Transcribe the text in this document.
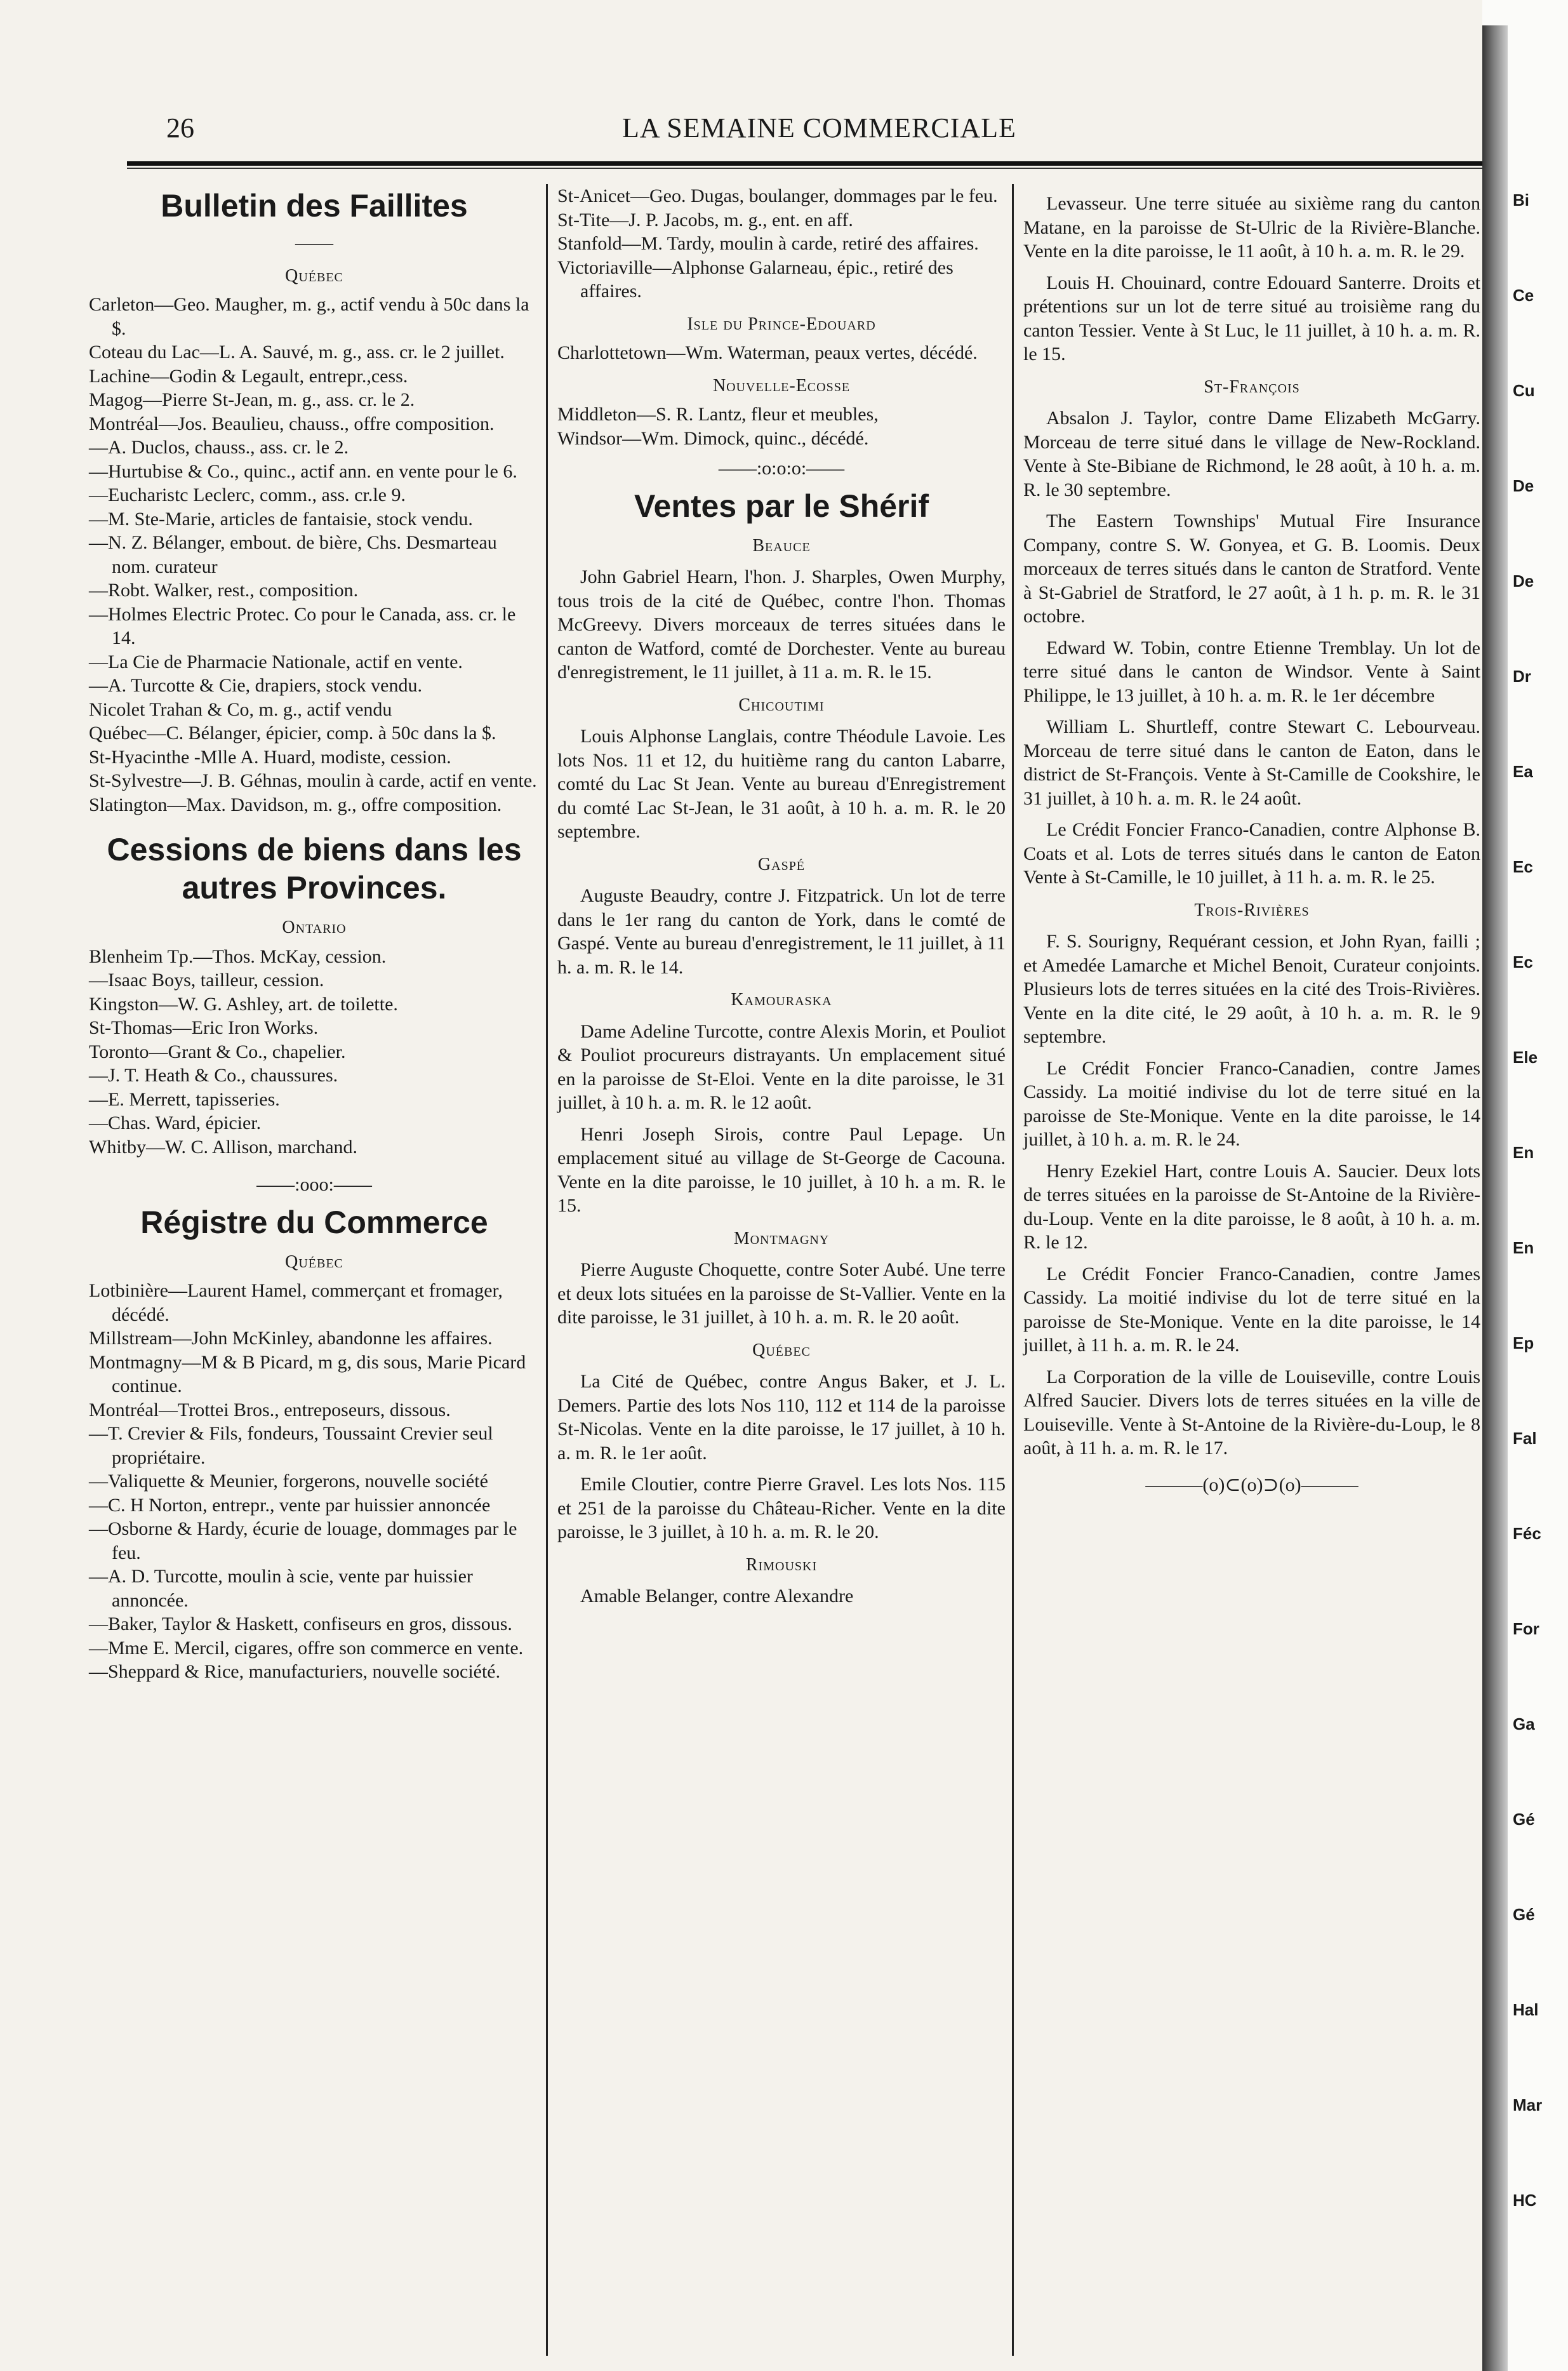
26	LA SEMAINE COMMERCIALE

Bulletin des Faillites

——

Québec

Carleton—Geo. Maugher, m. g., actif vendu à 50c dans la $.

Coteau du Lac—L. A. Sauvé, m. g., ass. cr. le 2 juillet.

Lachine—Godin & Legault, entrepr.,cess.

Magog—Pierre St-Jean, m. g., ass. cr. le 2.

Montréal—Jos. Beaulieu, chauss., offre composition.

—A. Duclos, chauss., ass. cr. le 2.

—Hurtubise & Co., quinc., actif ann. en vente pour le 6.

—Eucharistc Leclerc, comm., ass. cr.le 9.

—M. Ste-Marie, articles de fantaisie, stock vendu.

—N. Z. Bélanger, embout. de bière, Chs. Desmarteau nom. curateur

—Robt. Walker, rest., composition.

—Holmes Electric Protec. Co pour le Canada, ass. cr. le 14.

—La Cie de Pharmacie Nationale, actif en vente.

—A. Turcotte & Cie, drapiers, stock vendu.

Nicolet Trahan & Co, m. g., actif vendu

Québec—C. Bélanger, épicier, comp. à 50c dans la $.

St-Hyacinthe -Mlle A. Huard, modiste, cession.

St-Sylvestre—J. B. Géhnas, moulin à carde, actif en vente.

Slatington—Max. Davidson, m. g., offre composition.

Cessions de biens dans les autres Provinces.

Ontario

Blenheim Tp.—Thos. McKay, cession.

—Isaac Boys, tailleur, cession.

Kingston—W. G. Ashley, art. de toilette.

St-Thomas—Eric Iron Works.

Toronto—Grant & Co., chapelier.

—J. T. Heath & Co., chaussures.

—E. Merrett, tapisseries.

—Chas. Ward, épicier.

Whitby—W. C. Allison, marchand.

——:ooo:——

Régistre du Commerce

Québec

Lotbinière—Laurent Hamel, commerçant et fromager, décédé.

Millstream—John McKinley, abandonne les affaires.

Montmagny—M & B Picard, m g, dis sous, Marie Picard continue.

Montréal—Trottei Bros., entreposeurs, dissous.

—T. Crevier & Fils, fondeurs, Toussaint Crevier seul propriétaire.

—Valiquette & Meunier, forgerons, nouvelle société

—C. H Norton, entrepr., vente par huissier annoncée

—Osborne & Hardy, écurie de louage, dommages par le feu.

—A. D. Turcotte, moulin à scie, vente par huissier annoncée.

—Baker, Taylor & Haskett, confiseurs en gros, dissous.

—Mme E. Mercil, cigares, offre son commerce en vente.

—Sheppard & Rice, manufacturiers, nouvelle société.

St-Anicet—Geo. Dugas, boulanger, dommages par le feu.

St-Tite—J. P. Jacobs, m. g., ent. en aff.

Stanfold—M. Tardy, moulin à carde, retiré des affaires.

Victoriaville—Alphonse Galarneau, épic., retiré des affaires.

Isle du Prince-Edouard

Charlottetown—Wm. Waterman, peaux vertes, décédé.

Nouvelle-Ecosse

Middleton—S. R. Lantz, fleur et meubles,

Windsor—Wm. Dimock, quinc., décédé.

——:o:o:o:——

Ventes par le Shérif

Beauce

John Gabriel Hearn, l'hon. J. Sharples, Owen Murphy, tous trois de la cité de Québec, contre l'hon. Thomas McGreevy. Divers morceaux de terres situées dans le canton de Watford, comté de Dorchester. Vente au bureau d'enregistrement, le 11 juillet, à 11 a. m. R. le 15.

Chicoutimi

Louis Alphonse Langlais, contre Théodule Lavoie. Les lots Nos. 11 et 12, du huitième rang du canton Labarre, comté du Lac St Jean. Vente au bureau d'Enregistrement du comté Lac St-Jean, le 31 août, à 10 h. a. m. R. le 20 septembre.

Gaspé

Auguste Beaudry, contre J. Fitzpatrick. Un lot de terre dans le 1er rang du canton de York, dans le comté de Gaspé. Vente au bureau d'enregistrement, le 11 juillet, à 11 h. a. m. R. le 14.

Kamouraska

Dame Adeline Turcotte, contre Alexis Morin, et Pouliot & Pouliot procureurs distrayants. Un emplacement situé en la paroisse de St-Eloi. Vente en la dite paroisse, le 31 juillet, à 10 h. a. m. R. le 12 août.

Henri Joseph Sirois, contre Paul Lepage. Un emplacement situé au village de St-George de Cacouna. Vente en la dite paroisse, le 10 juillet, à 10 h. a m. R. le 15.

Montmagny

Pierre Auguste Choquette, contre Soter Aubé. Une terre et deux lots situées en la paroisse de St-Vallier. Vente en la dite paroisse, le 31 juillet, à 10 h. a. m. R. le 20 août.

Québec

La Cité de Québec, contre Angus Baker, et J. L. Demers. Partie des lots Nos 110, 112 et 114 de la paroisse St-Nicolas. Vente en la dite paroisse, le 17 juillet, à 10 h. a. m. R. le 1er août.

Emile Cloutier, contre Pierre Gravel. Les lots Nos. 115 et 251 de la paroisse du Château-Richer. Vente en la dite paroisse, le 3 juillet, à 10 h. a. m. R. le 20.

Rimouski

Amable Belanger, contre Alexandre

Levasseur. Une terre située au sixième rang du canton Matane, en la paroisse de St-Ulric de la Rivière-Blanche. Vente en la dite paroisse, le 11 août, à 10 h. a. m. R. le 29.

Louis H. Chouinard, contre Edouard Santerre. Droits et prétentions sur un lot de terre situé au troisième rang du canton Tessier. Vente à St Luc, le 11 juillet, à 10 h. a. m. R. le 15.

St-François

Absalon J. Taylor, contre Dame Elizabeth McGarry. Morceau de terre situé dans le village de New-Rockland. Vente à Ste-Bibiane de Richmond, le 28 août, à 10 h. a. m. R. le 30 septembre.

The Eastern Townships' Mutual Fire Insurance Company, contre S. W. Gonyea, et G. B. Loomis. Deux morceaux de terres situés dans le canton de Stratford. Vente à St-Gabriel de Stratford, le 27 août, à 1 h. p. m. R. le 31 octobre.

Edward W. Tobin, contre Etienne Tremblay. Un lot de terre situé dans le canton de Windsor. Vente à Saint Philippe, le 13 juillet, à 10 h. a. m. R. le 1er décembre

William L. Shurtleff, contre Stewart C. Lebourveau. Morceau de terre situé dans le canton de Eaton, dans le district de St-François. Vente à St-Camille de Cookshire, le 31 juillet, à 10 h. a. m. R. le 24 août.

Le Crédit Foncier Franco-Canadien, contre Alphonse B. Coats et al. Lots de terres situés dans le canton de Eaton Vente à St-Camille, le 10 juillet, à 11 h. a. m. R. le 25.

Trois-Rivières

F. S. Sourigny, Requérant cession, et John Ryan, failli ; et Amedée Lamarche et Michel Benoit, Curateur conjoints. Plusieurs lots de terres situées en la cité des Trois-Rivières. Vente en la dite cité, le 29 août, à 10 h. a. m. R. le 9 septembre.

Le Crédit Foncier Franco-Canadien, contre James Cassidy. La moitié indivise du lot de terre situé en la paroisse de Ste-Monique. Vente en la dite paroisse, le 14 juillet, à 10 h. a. m. R. le 24.

Henry Ezekiel Hart, contre Louis A. Saucier. Deux lots de terres situées en la paroisse de St-Antoine de la Rivière-du-Loup. Vente en la dite paroisse, le 8 août, à 10 h. a. m. R. le 12.

Le Crédit Foncier Franco-Canadien, contre James Cassidy. La moitié indivise du lot de terre situé en la paroisse de Ste-Monique. Vente en la dite paroisse, le 14 juillet, à 11 h. a. m. R. le 24.

La Corporation de la ville de Louiseville, contre Louis Alfred Saucier. Divers lots de terres situées en la ville de Louiseville. Vente à St-Antoine de la Rivière-du-Loup, le 8 août, à 11 h. a. m. R. le 17.

———(o)⊂(o)⊃(o)———

Bi
Ce
Cu
De
De
Dr
Ea
Ec
Ec
Ele
En
En
Ep
Fal
Féc
For
Ga
Gé
Gé
Hal
Mar
HC
